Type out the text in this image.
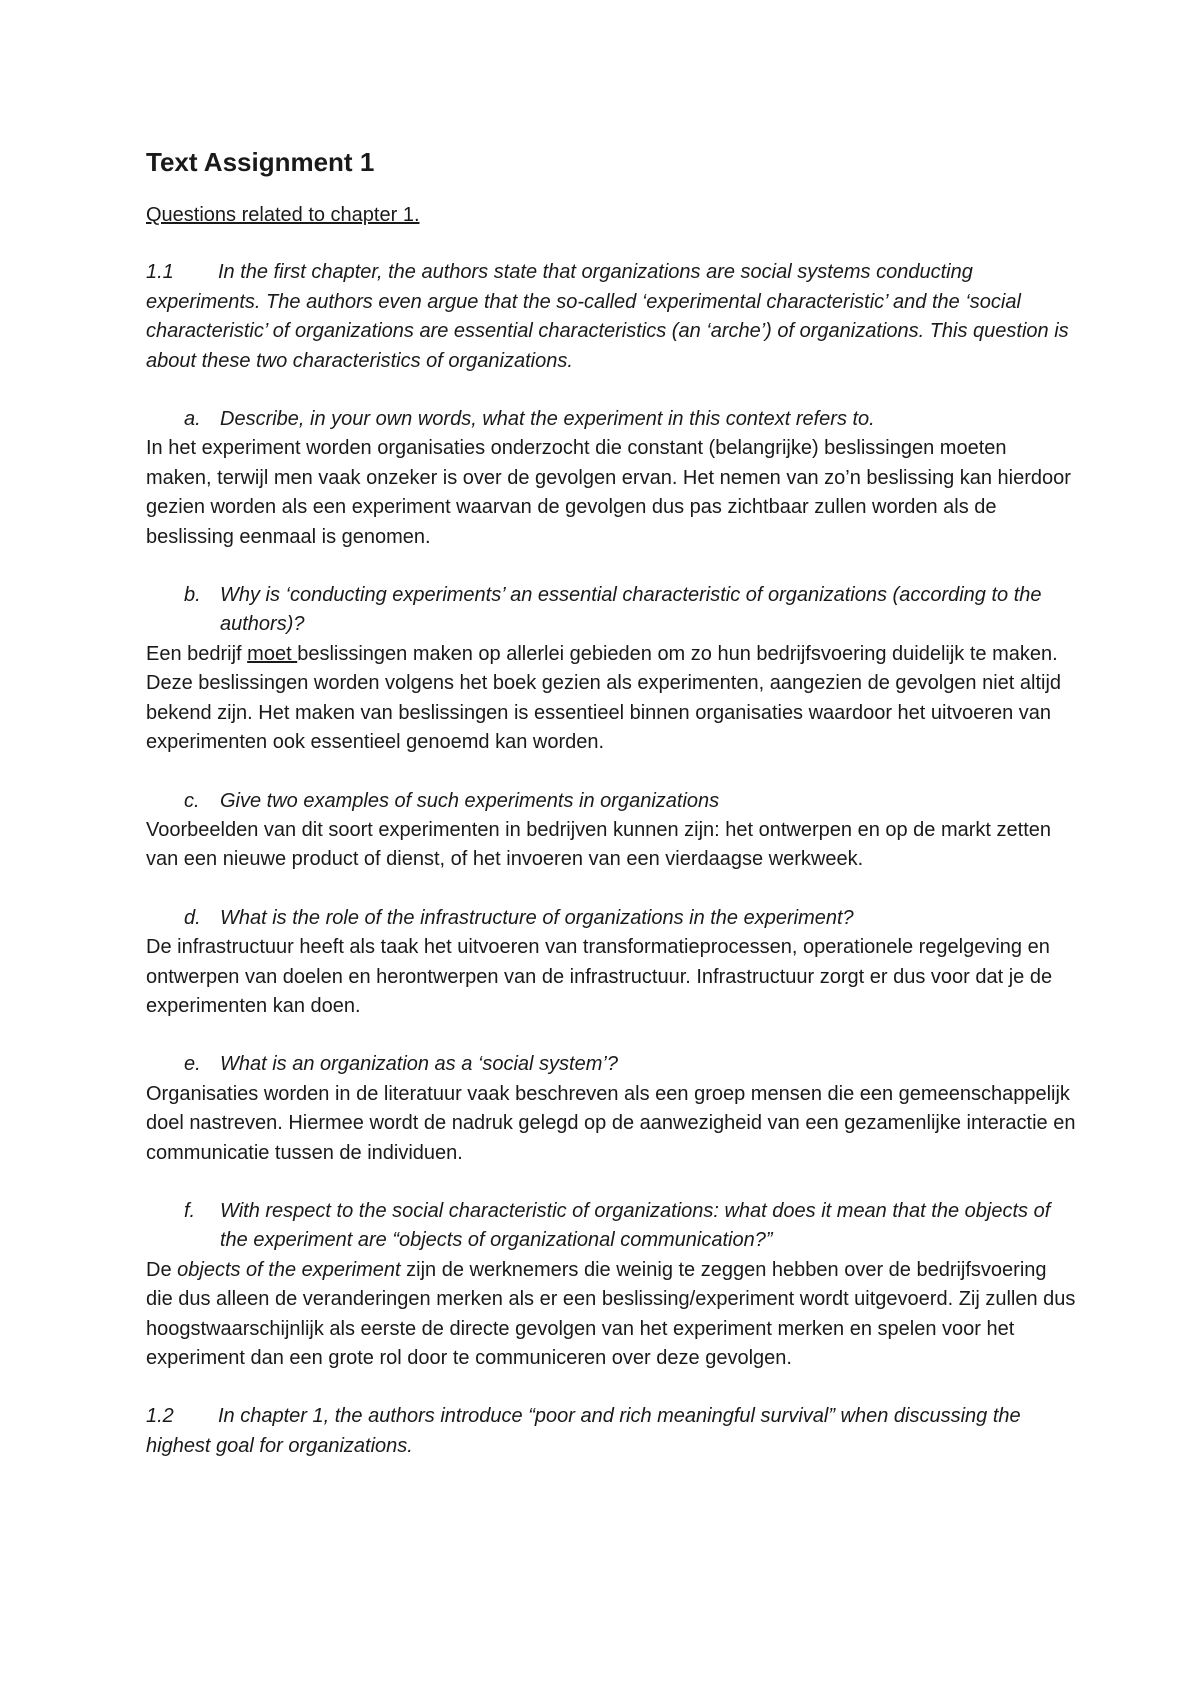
Text Assignment 1
Questions related to chapter 1.

1.1 In the first chapter, the authors state that organizations are social systems conducting experiments. The authors even argue that the so-called ‘experimental characteristic’ and the ‘social characteristic’ of organizations are essential characteristics (an ‘arche’) of organizations. This question is about these two characteristics of organizations.

a. Describe, in your own words, what the experiment in this context refers to.

In het experiment worden organisaties onderzocht die constant (belangrijke) beslissingen moeten maken, terwijl men vaak onzeker is over de gevolgen ervan. Het nemen van zo’n beslissing kan hierdoor gezien worden als een experiment waarvan de gevolgen dus pas zichtbaar zullen worden als de beslissing eenmaal is genomen.

b. Why is ‘conducting experiments’ an essential characteristic of organizations (according to the authors)?

Een bedrijf moet beslissingen maken op allerlei gebieden om zo hun bedrijfsvoering duidelijk te maken. Deze beslissingen worden volgens het boek gezien als experimenten, aangezien de gevolgen niet altijd bekend zijn. Het maken van beslissingen is essentieel binnen organisaties waardoor het uitvoeren van experimenten ook essentieel genoemd kan worden.

c. Give two examples of such experiments in organizations

Voorbeelden van dit soort experimenten in bedrijven kunnen zijn: het ontwerpen en op de markt zetten van een nieuwe product of dienst, of het invoeren van een vierdaagse werkweek.

d. What is the role of the infrastructure of organizations in the experiment?

De infrastructuur heeft als taak het uitvoeren van transformatieprocessen, operationele regelgeving en ontwerpen van doelen en herontwerpen van de infrastructuur. Infrastructuur zorgt er dus voor dat je de experimenten kan doen.

e. What is an organization as a ‘social system’?

Organisaties worden in de literatuur vaak beschreven als een groep mensen die een gemeenschappelijk doel nastreven. Hiermee wordt de nadruk gelegd op de aanwezigheid van een gezamenlijke interactie en communicatie tussen de individuen.

f. With respect to the social characteristic of organizations: what does it mean that the objects of the experiment are “objects of organizational communication?”

De objects of the experiment zijn de werknemers die weinig te zeggen hebben over de bedrijfsvoering die dus alleen de veranderingen merken als er een beslissing/experiment wordt uitgevoerd. Zij zullen dus hoogstwaarschijnlijk als eerste de directe gevolgen van het experiment merken en spelen voor het experiment dan een grote rol door te communiceren over deze gevolgen.

1.2 In chapter 1, the authors introduce “poor and rich meaningful survival” when discussing the highest goal for organizations.
